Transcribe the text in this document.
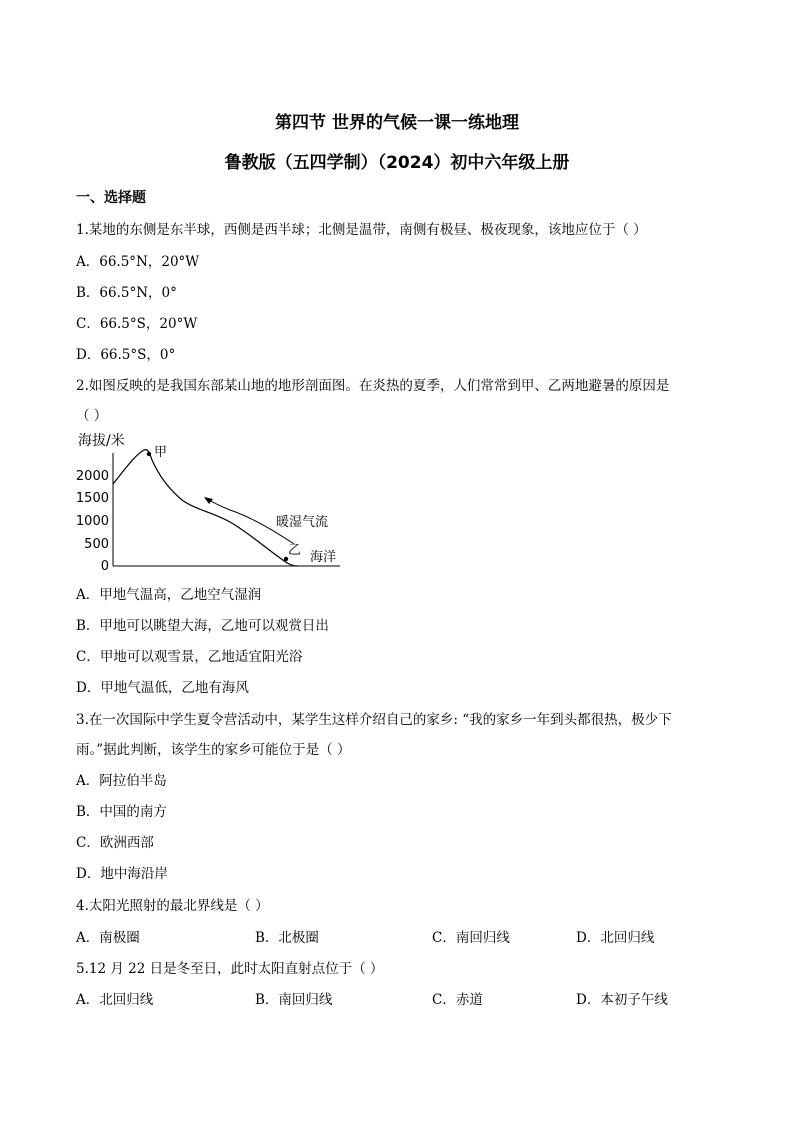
第四节 世界的气候一课一练地理
鲁教版（五四学制）（2024）初中六年级上册
一、选择题
1.某地的东侧是东半球，西侧是西半球；北侧是温带，南侧有极昼、极夜现象，该地应位于（ ）
A．66.5°N，20°W
B．66.5°N，0°
C．66.5°S，20°W
D．66.5°S，0°
2.如图反映的是我国东部某山地的地形剖面图。在炎热的夏季，人们常常到甲、乙两地避暑的原因是
（ ）
海拔/米
2000
1500
1000
500
0
甲
乙
暖湿气流
海洋
A．甲地气温高，乙地空气湿润
B．甲地可以眺望大海，乙地可以观赏日出
C．甲地可以观雪景，乙地适宜阳光浴
D．甲地气温低，乙地有海风
3.在一次国际中学生夏令营活动中，某学生这样介绍自己的家乡: “我的家乡一年到头都很热，极少下
雨。”据此判断，该学生的家乡可能位于是（ ）
A．阿拉伯半岛
B．中国的南方
C．欧洲西部
D．地中海沿岸
4.太阳光照射的最北界线是（ ）
A．南极圈	B．北极圈	C．南回归线	D．北回归线
5.12 月 22 日是冬至日，此时太阳直射点位于（ ）
A．北回归线	B．南回归线	C．赤道	D．本初子午线
